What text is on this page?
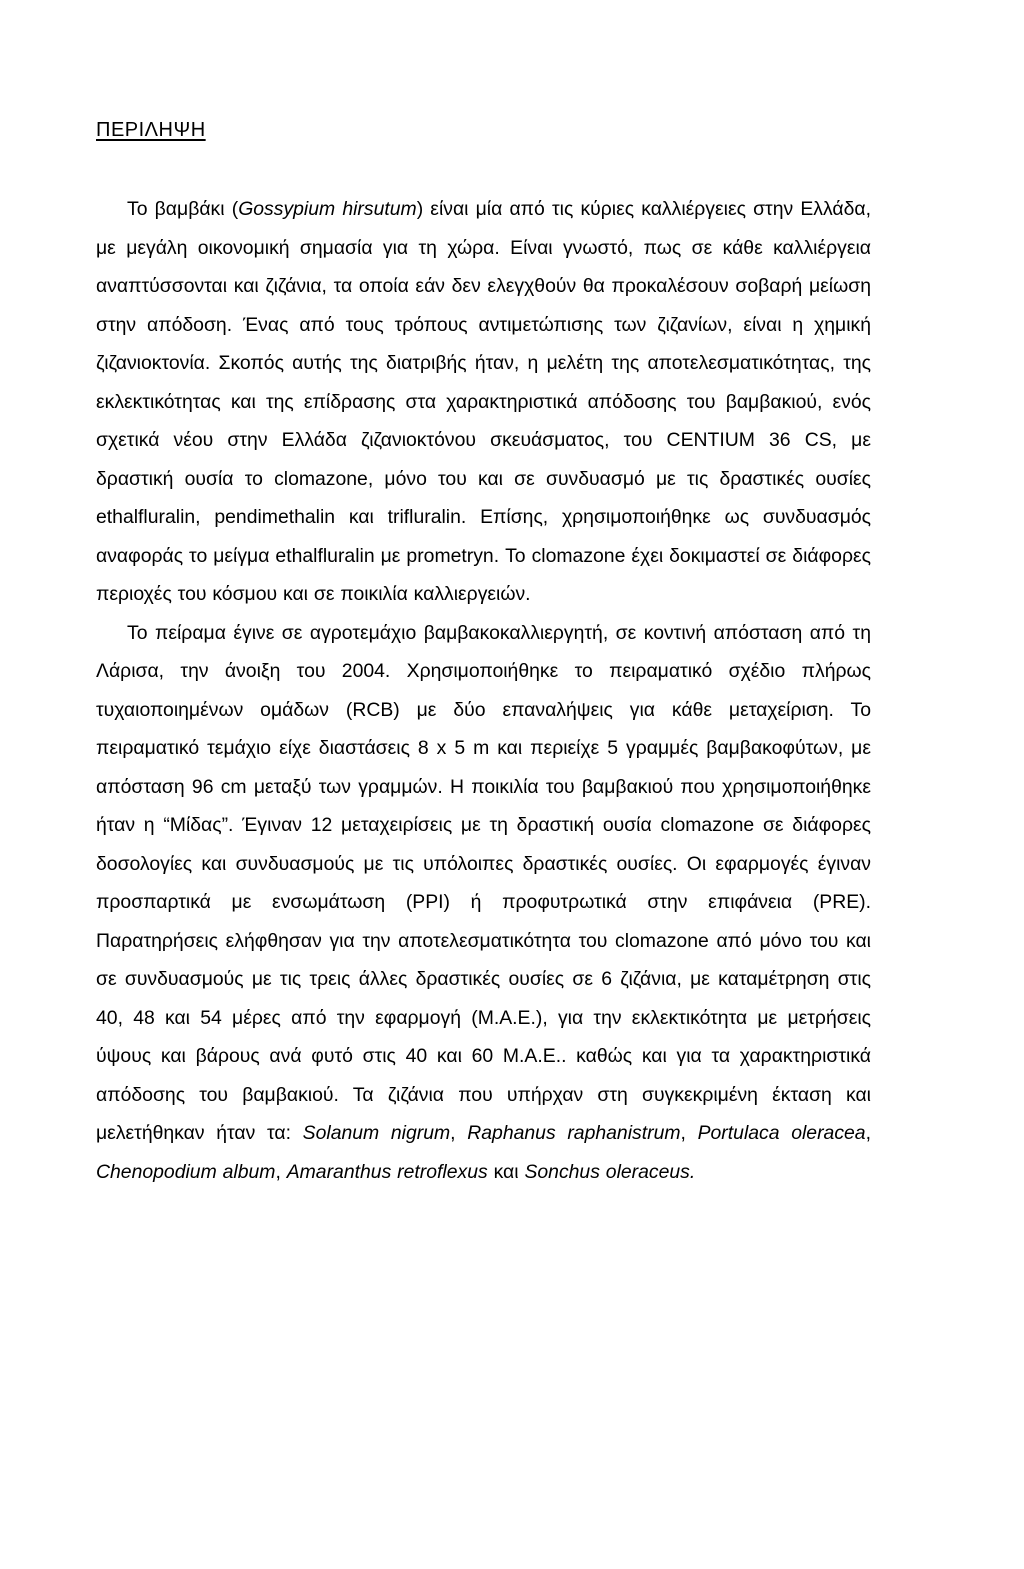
ΠΕΡΙΛΗΨΗ

Το βαμβάκι (Gossypium hirsutum) είναι μία από τις κύριες καλλιέργειες στην Ελλάδα, με μεγάλη οικονομική σημασία για τη χώρα. Είναι γνωστό, πως σε κάθε καλλιέργεια αναπτύσσονται και ζιζάνια, τα οποία εάν δεν ελεγχθούν θα προκαλέσουν σοβαρή μείωση στην απόδοση. Ένας από τους τρόπους αντιμετώπισης των ζιζανίων, είναι η χημική ζιζανιοκτονία. Σκοπός αυτής της διατριβής ήταν, η μελέτη της αποτελεσματικότητας, της εκλεκτικότητας και της επίδρασης στα χαρακτηριστικά απόδοσης του βαμβακιού, ενός σχετικά νέου στην Ελλάδα ζιζανιοκτόνου σκευάσματος, του CENTIUM 36 CS, με δραστική ουσία το clomazone, μόνο του και σε συνδυασμό με τις δραστικές ουσίες ethalfluralin, pendimethalin και trifluralin. Επίσης, χρησιμοποιήθηκε ως συνδυασμός αναφοράς το μείγμα ethalfluralin με prometryn. Το clomazone έχει δοκιμαστεί σε διάφορες περιοχές του κόσμου και σε ποικιλία καλλιεργειών.

Το πείραμα έγινε σε αγροτεμάχιο βαμβακοκαλλιεργητή, σε κοντινή απόσταση από τη Λάρισα, την άνοιξη του 2004. Χρησιμοποιήθηκε το πειραματικό σχέδιο πλήρως τυχαιοποιημένων ομάδων (RCB) με δύο επαναλήψεις για κάθε μεταχείριση. Το πειραματικό τεμάχιο είχε διαστάσεις 8 x 5 m και περιείχε 5 γραμμές βαμβακοφύτων, με απόσταση 96 cm μεταξύ των γραμμών. Η ποικιλία του βαμβακιού που χρησιμοποιήθηκε ήταν η “Μίδας”. Έγιναν 12 μεταχειρίσεις με τη δραστική ουσία clomazone σε διάφορες δοσολογίες και συνδυασμούς με τις υπόλοιπες δραστικές ουσίες. Οι εφαρμογές έγιναν προσπαρτικά με ενσωμάτωση (PPI) ή προφυτρωτικά στην επιφάνεια (PRE). Παρατηρήσεις ελήφθησαν για την αποτελεσματικότητα του clomazone από μόνο του και σε συνδυασμούς με τις τρεις άλλες δραστικές ουσίες σε 6 ζιζάνια, με καταμέτρηση στις 40, 48 και 54 μέρες από την εφαρμογή (Μ.Α.Ε.), για την εκλεκτικότητα με μετρήσεις ύψους και βάρους ανά φυτό στις 40 και 60 Μ.Α.Ε.. καθώς και για τα χαρακτηριστικά απόδοσης του βαμβακιού. Τα ζιζάνια που υπήρχαν στη συγκεκριμένη έκταση και μελετήθηκαν ήταν τα: Solanum nigrum, Raphanus raphanistrum, Portulaca oleracea, Chenopodium album, Amaranthus retroflexus και Sonchus oleraceus.
